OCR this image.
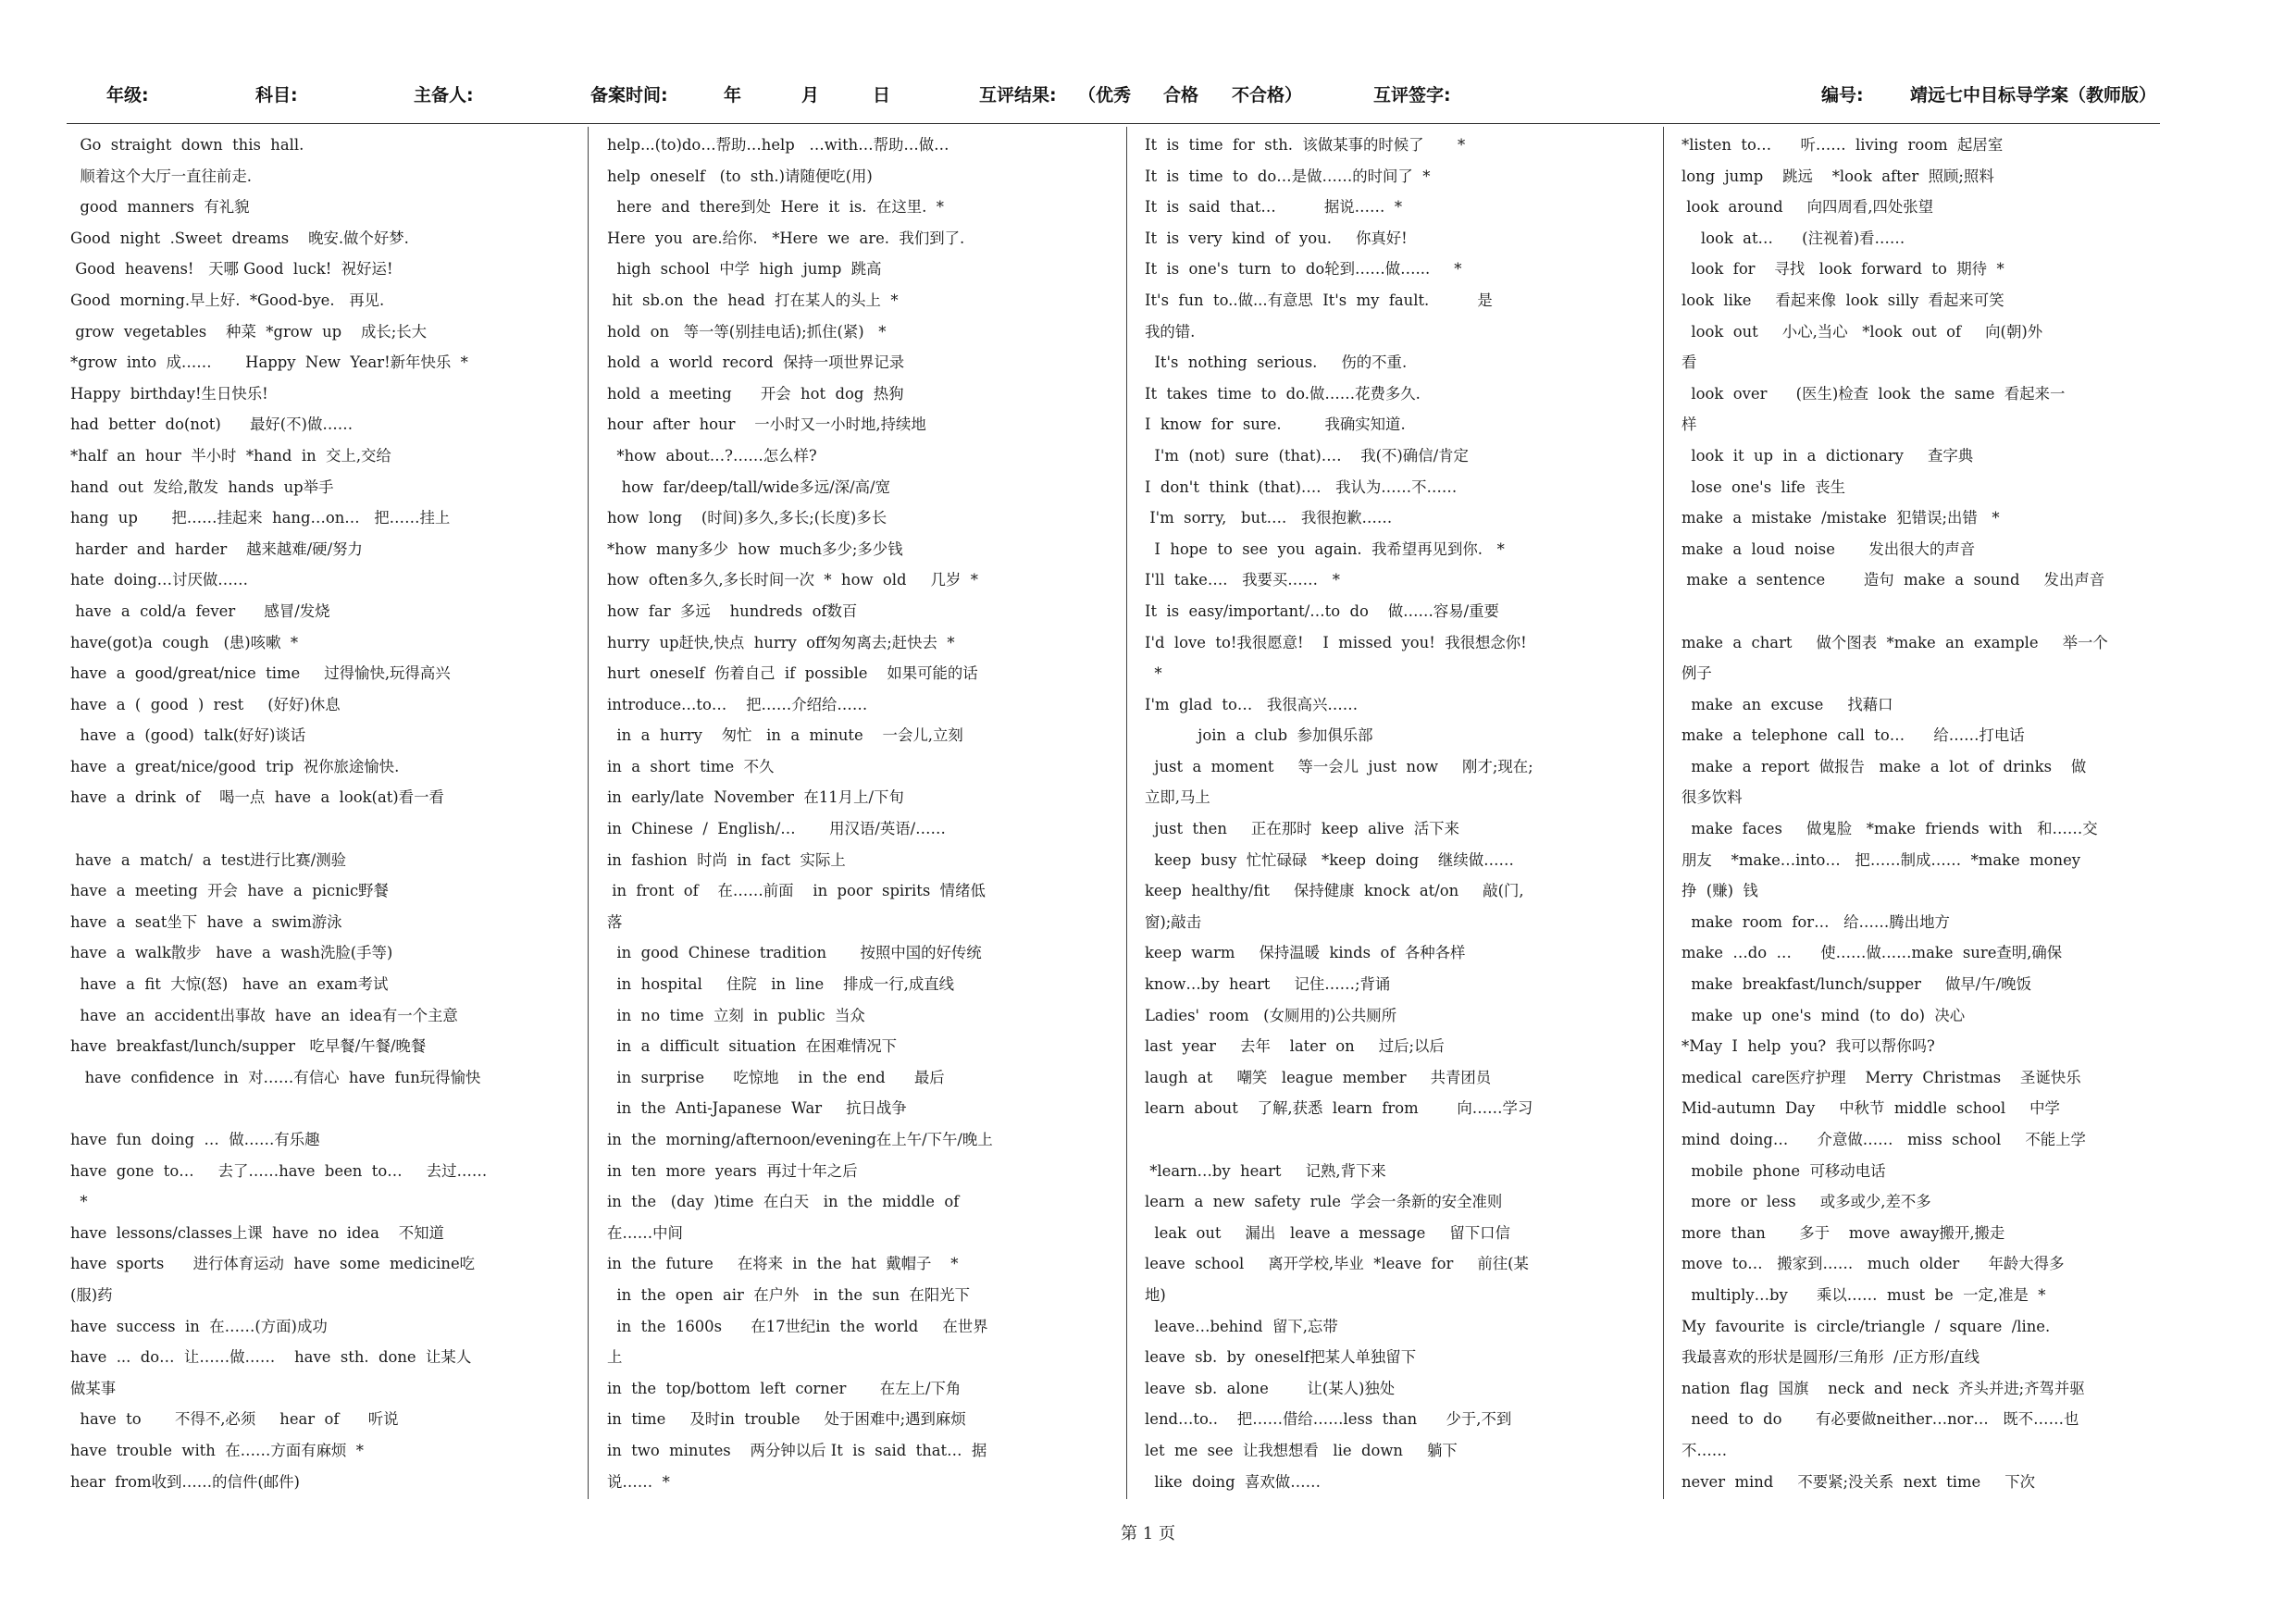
年级:	科目:	主备人:	备案时间:	年	月	日	互评结果: （优秀 合格 不合格）	互评签字:	编号:	靖远七中目标导学案（教师版）
Go  straight  down  this  hall.
顺着这个大厅一直往前走.
good  manners  有礼貌
Good  night  .Sweet  dreams    晚安.做个好梦.
Good  heavens!   天哪 Good  luck!  祝好运!
Good  morning.早上好.  *Good-bye.   再见.
grow  vegetables    种菜  *grow  up    成长;长大
*grow  into  成……       Happy  New  Year!新年快乐  *
Happy  birthday!生日快乐!
had  better  do(not)      最好(不)做……
*half  an  hour  半小时  *hand  in  交上,交给
hand  out  发给,散发  hands  up举手
hang  up       把……挂起来  hang…on…   把……挂上
harder  and  harder    越来越难/硬/努力
hate  doing…讨厌做……
have  a  cold/a  fever      感冒/发烧
have(got)a  cough   (患)咳嗽  *
have  a  good/great/nice  time     过得愉快,玩得高兴
have  a  (  good  )  rest     (好好)休息
have  a  (good)  talk(好好)谈话
have  a  great/nice/good  trip  祝你旅途愉快.
have  a  drink  of    喝一点  have  a  look(at)看一看
have  a  match/  a  test进行比赛/测验
have  a  meeting  开会  have  a  picnic野餐
have  a  seat坐下  have  a  swim游泳
have  a  walk散步   have  a  wash洗脸(手等)
have  a  fit  大惊(怒)   have  an  exam考试
have  an  accident出事故  have  an  idea有一个主意
have  breakfast/lunch/supper   吃早餐/午餐/晚餐
have  confidence  in  对……有信心  have  fun玩得愉快
have  fun  doing  …  做……有乐趣
have  gone  to…     去了……have  been  to…     去过……
*
have  lessons/classes上课  have  no  idea    不知道
have  sports      进行体育运动  have  some  medicine吃
(服)药
have  success  in  在……(方面)成功
have  ...  do…  让……做……    have  sth.  done  让某人
做某事
have  to       不得不,必须     hear  of      听说
have  trouble  with  在……方面有麻烦  *
hear  from收到……的信件(邮件)
help...(to)do…帮助…help   …with…帮助…做…
help  oneself   (to  sth.)请随便吃(用)
here  and  there到处  Here  it  is.  在这里.  *
Here  you  are.给你.   *Here  we  are.  我们到了.
high  school  中学  high  jump  跳高
hit  sb.on  the  head  打在某人的头上  *
hold  on   等一等(别挂电话);抓住(紧)   *
hold  a  world  record  保持一项世界记录
hold  a  meeting      开会  hot  dog  热狗
hour  after  hour    一小时又一小时地,持续地
*how  about…?……怎么样?
how  far/deep/tall/wide多远/深/高/宽
how  long    (时间)多久,多长;(长度)多长
*how  many多少  how  much多少;多少钱
how  often多久,多长时间一次  *  how  old     几岁  *
how  far  多远    hundreds  of数百
hurry  up赶快,快点  hurry  off匆匆离去;赶快去  *
hurt  oneself  伤着自己  if  possible    如果可能的话
introduce…to…    把……介绍给……
in  a  hurry    匆忙   in  a  minute    一会儿,立刻
in  a  short  time  不久
in  early/late  November  在11月上/下旬
in  Chinese  /  English/…       用汉语/英语/……
in  fashion  时尚  in  fact  实际上
in  front  of    在……前面    in  poor  spirits  情绪低
落
in  good  Chinese  tradition       按照中国的好传统
in  hospital     住院   in  line    排成一行,成直线
in  no  time  立刻  in  public  当众
in  a  difficult  situation  在困难情况下
in  surprise      吃惊地    in  the  end      最后
in  the  Anti-Japanese  War     抗日战争
in  the  morning/afternoon/evening在上午/下午/晚上
in  ten  more  years  再过十年之后
in  the   (day  )time  在白天   in  the  middle  of
在……中间
in  the  future     在将来  in  the  hat  戴帽子    *
in  the  open  air  在户外   in  the  sun  在阳光下
in  the  1600s      在17世纪in  the  world     在世界
上
in  the  top/bottom  left  corner       在左上/下角
in  time     及时in  trouble     处于困难中;遇到麻烦
in  two  minutes    两分钟以后 It  is  said  that…  据
说……  *
It  is  time  for  sth.  该做某事的时候了       *
It  is  time  to  do…是做……的时间了  *
It  is  said  that…          据说……  *
It  is  very  kind  of  you.     你真好!
It  is  one's  turn  to  do轮到……做…...     *
It's  fun  to..做...有意思  It's  my  fault.          是
我的错.
It's  nothing  serious.     伤的不重.
It  takes  time  to  do.做……花费多久.
I  know  for  sure.         我确实知道.
I'm  (not)  sure  (that)….    我(不)确信/肯定
I  don't  think  (that)….   我认为……不……
I'm  sorry,   but….   我很抱歉……
I  hope  to  see  you  again.  我希望再见到你.   *
I'll  take….   我要买……   *
It  is  easy/important/…to  do    做……容易/重要
I'd  love  to!我很愿意!    I  missed  you!  我很想念你!
*
I'm  glad  to…   我很高兴……
join  a  club  参加俱乐部
just  a  moment     等一会儿  just  now     刚才;现在;
立即,马上
just  then     正在那时  keep  alive  活下来
keep  busy  忙忙碌碌   *keep  doing    继续做……
keep  healthy/fit     保持健康  knock  at/on     敲(门,
窗);敲击
keep  warm     保持温暖  kinds  of  各种各样
know…by  heart     记住……;背诵
Ladies'  room   (女厕用的)公共厕所
last  year     去年    later  on     过后;以后
laugh  at     嘲笑   league  member     共青团员
learn  about    了解,获悉  learn  from        向……学习
*learn…by  heart     记熟,背下来
learn  a  new  safety  rule  学会一条新的安全准则
leak  out     漏出   leave  a  message     留下口信
leave  school     离开学校,毕业  *leave  for     前往(某
地)
leave…behind  留下,忘带
leave  sb.  by  oneself把某人单独留下
leave  sb.  alone        让(某人)独处
lend…to..    把……借给……less  than      少于,不到
let  me  see  让我想想看   lie  down     躺下
like  doing  喜欢做……
*listen  to…      听……  living  room  起居室
long  jump    跳远    *look  after  照顾;照料
look  around     向四周看,四处张望
look  at…      (注视着)看……
look  for    寻找   look  forward  to  期待  *
look  like     看起来像  look  silly  看起来可笑
look  out     小心,当心   *look  out  of     向(朝)外
看
look  over      (医生)检查  look  the  same  看起来一
样
look  it  up  in  a  dictionary     查字典
lose  one's  life  丧生
make  a  mistake  /mistake  犯错误;出错   *
make  a  loud  noise       发出很大的声音
make  a  sentence        造句  make  a  sound     发出声音
make  a  chart     做个图表  *make  an  example     举一个
例子
make  an  excuse     找藉口
make  a  telephone  call  to…      给……打电话
make  a  report  做报告   make  a  lot  of  drinks    做
很多饮料
make  faces     做鬼脸   *make  friends  with   和……交
朋友    *make…into…   把……制成……  *make  money
挣  (赚)  钱
make  room  for…   给……腾出地方
make  …do  …      使……做……make  sure查明,确保
make  breakfast/lunch/supper     做早/午/晚饭
make  up  one's  mind  (to  do)  决心
*May  I  help  you?  我可以帮你吗?
medical  care医疗护理    Merry  Christmas    圣诞快乐
Mid-autumn  Day     中秋节  middle  school     中学
mind  doing…      介意做……   miss  school     不能上学
mobile  phone  可移动电话
more  or  less     或多或少,差不多
more  than       多于    move  away搬开,搬走
move  to…   搬家到……   much  older      年龄大得多
multiply…by      乘以……  must  be  一定,准是  *
My  favourite  is  circle/triangle  /  square  /line.
我最喜欢的形状是圆形/三角形  /正方形/直线
nation  flag  国旗    neck  and  neck  齐头并进;齐驾并驱
need  to  do       有必要做neither…nor…   既不……也
不……
never  mind     不要紧;没关系  next  time     下次
第 1 页
